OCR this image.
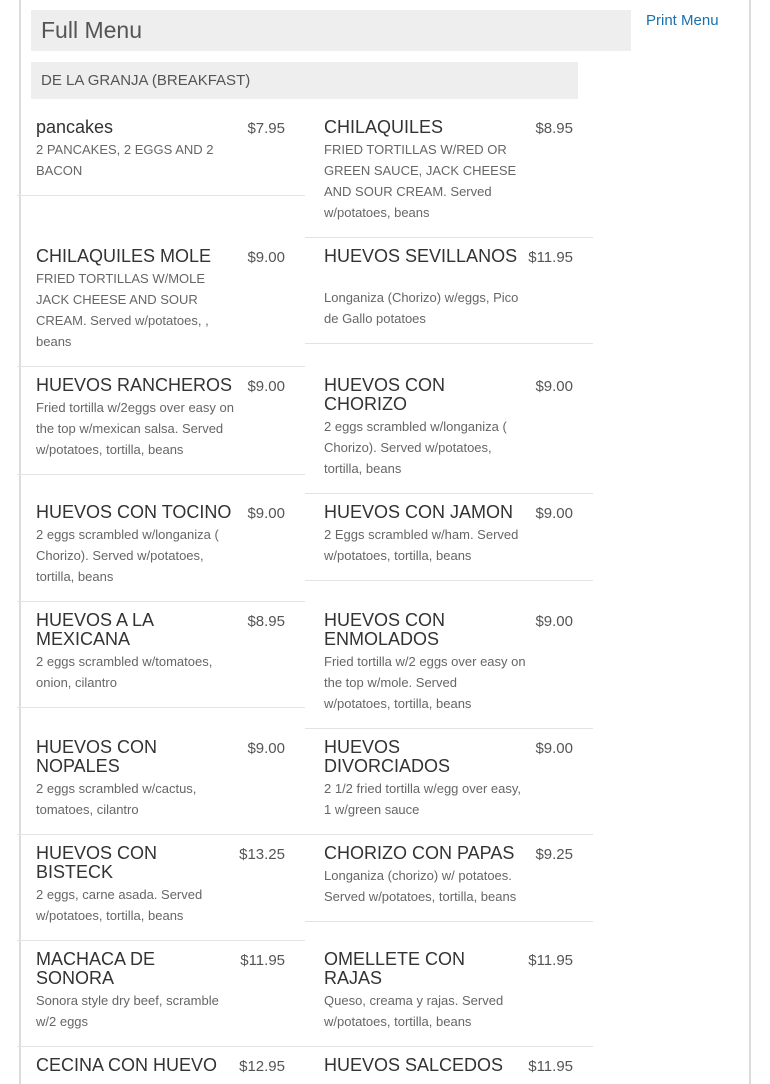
Full Menu	Print Menu
DE LA GRANJA (BREAKFAST)
pancakes	$7.95
2 PANCAKES, 2 EGGS AND 2 BACON
CHILAQUILES	$8.95
FRIED TORTILLAS W/RED OR GREEN SAUCE, JACK CHEESE AND SOUR CREAM. Served w/potatoes, beans
CHILAQUILES MOLE	$9.00
FRIED TORTILLAS W/MOLE JACK CHEESE AND SOUR CREAM. Served w/potatoes, , beans
HUEVOS SEVILLANOS $11.95
Longaniza (Chorizo) w/eggs, Pico de Gallo potatoes
HUEVOS RANCHEROS $9.00
Fried tortilla w/2eggs over easy on the top w/mexican salsa. Served w/potatoes, tortilla, beans
HUEVOS CON CHORIZO
$9.00
2 eggs scrambled w/longaniza ( Chorizo). Served w/potatoes, tortilla, beans
HUEVOS CON TOCINO	$9.00
2 eggs scrambled w/longaniza ( Chorizo). Served w/potatoes, tortilla, beans
HUEVOS CON JAMON	$9.00
2 Eggs scrambled w/ham. Served w/potatoes, tortilla, beans
HUEVOS A LA MEXICANA
$8.95
2 eggs scrambled w/tomatoes, onion, cilantro
HUEVOS CON ENMOLADOS
$9.00
Fried tortilla w/2 eggs over easy on the top w/mole. Served w/potatoes, tortilla, beans
HUEVOS CON NOPALES
$9.00
2 eggs scrambled w/cactus, tomatoes, cilantro
HUEVOS DIVORCIADOS
$9.00
2 1/2 fried tortilla w/egg over easy, 1 w/green sauce
HUEVOS CON BISTECK
$13.25
2 eggs, carne asada. Served w/potatoes, tortilla, beans
CHORIZO CON PAPAS	$9.25
Longaniza (chorizo) w/ potatoes. Served w/potatoes, tortilla, beans
MACHACA DE SONORA
$11.95
Sonora style dry beef, scramble w/2 eggs
OMELLETE CON RAJAS
$11.95
Queso, creama y rajas. Served w/potatoes, tortilla, beans
CECINA CON HUEVO	$12.95 HUEVOS SALCEDOS	$11.95
